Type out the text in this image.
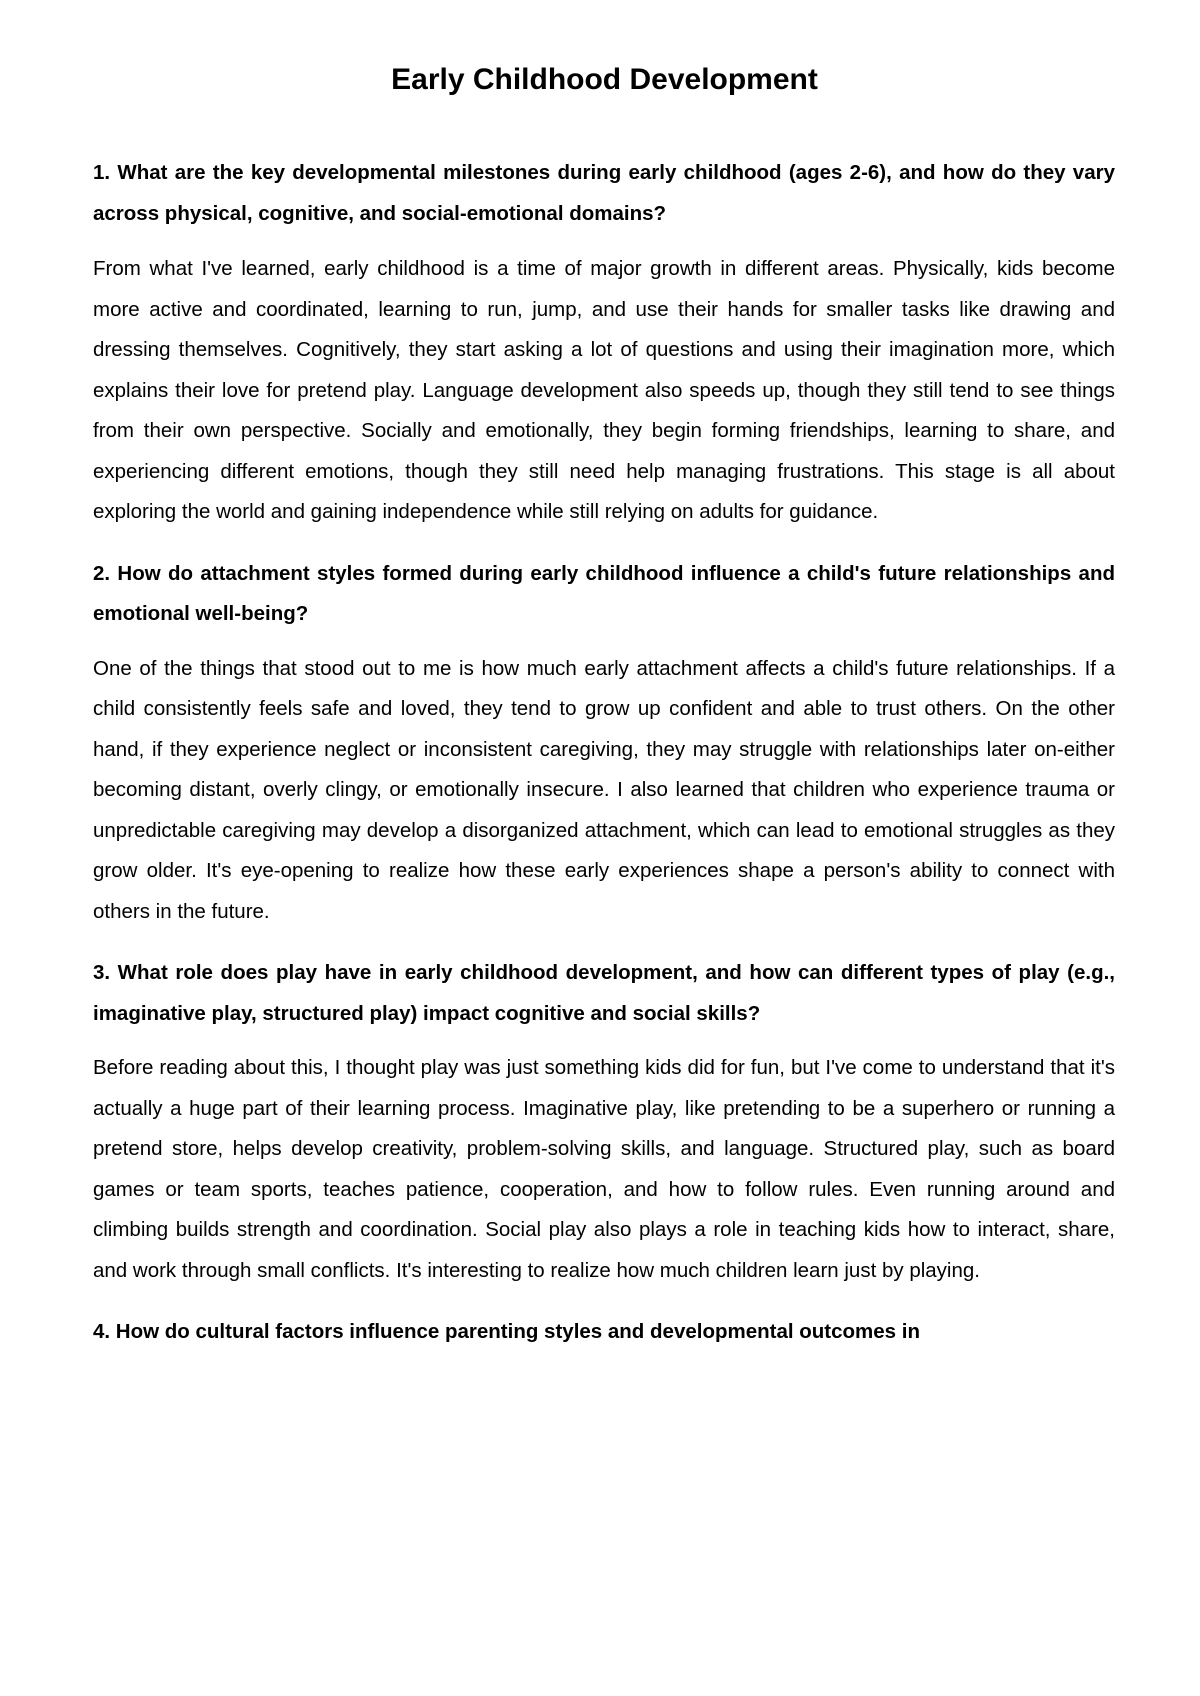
Early Childhood Development

1. What are the key developmental milestones during early childhood (ages 2-6), and how do they vary across physical, cognitive, and social-emotional domains?

From what I've learned, early childhood is a time of major growth in different areas. Physically, kids become more active and coordinated, learning to run, jump, and use their hands for smaller tasks like drawing and dressing themselves. Cognitively, they start asking a lot of questions and using their imagination more, which explains their love for pretend play. Language development also speeds up, though they still tend to see things from their own perspective. Socially and emotionally, they begin forming friendships, learning to share, and experiencing different emotions, though they still need help managing frustrations. This stage is all about exploring the world and gaining independence while still relying on adults for guidance.

2. How do attachment styles formed during early childhood influence a child's future relationships and emotional well-being?

One of the things that stood out to me is how much early attachment affects a child's future relationships. If a child consistently feels safe and loved, they tend to grow up confident and able to trust others. On the other hand, if they experience neglect or inconsistent caregiving, they may struggle with relationships later on-either becoming distant, overly clingy, or emotionally insecure. I also learned that children who experience trauma or unpredictable caregiving may develop a disorganized attachment, which can lead to emotional struggles as they grow older. It's eye-opening to realize how these early experiences shape a person's ability to connect with others in the future.

3. What role does play have in early childhood development, and how can different types of play (e.g., imaginative play, structured play) impact cognitive and social skills?

Before reading about this, I thought play was just something kids did for fun, but I've come to understand that it's actually a huge part of their learning process. Imaginative play, like pretending to be a superhero or running a pretend store, helps develop creativity, problem-solving skills, and language. Structured play, such as board games or team sports, teaches patience, cooperation, and how to follow rules. Even running around and climbing builds strength and coordination. Social play also plays a role in teaching kids how to interact, share, and work through small conflicts. It's interesting to realize how much children learn just by playing.

4. How do cultural factors influence parenting styles and developmental outcomes in
